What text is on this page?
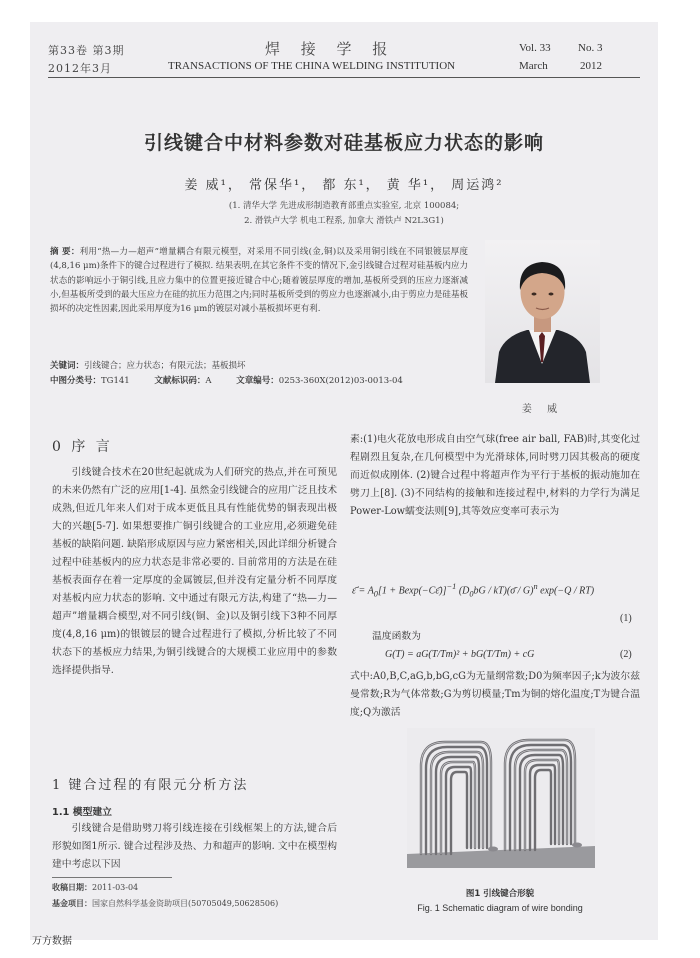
第33卷 第3期
2012年3月
焊 接 学 报
TRANSACTIONS OF THE CHINA WELDING INSTITUTION
Vol. 33 No. 3
March	2012
引线键合中材料参数对硅基板应力状态的影响
姜 威¹， 常保华¹， 都 东¹， 黄 华¹， 周运鸿²
(1. 清华大学 先进成形制造教育部重点实验室, 北京 100084;
2. 滑铁卢大学 机电工程系, 加拿大 滑铁卢 N2L3G1)
摘 要：利用“热—力—超声”增量耦合有限元模型，对采用不同引线(金,铜)以及采用铜引线在不同银镀层厚度(4,8,16 μm)条件下的键合过程进行了模拟. 结果表明,在其它条件不变的情况下,金引线键合过程对硅基板内应力状态的影响远小于铜引线,且应力集中的位置更接近键合中心;随着镀层厚度的增加,基板所受到的压应力逐渐减小,但基板所受到的最大压应力在硅的抗压力范围之内;同时基板所受到的剪应力也逐渐减小,由于剪应力是硅基板损坏的决定性因素,因此采用厚度为16 μm的镀层对减小基板损坏更有利.
关键词：引线键合；应力状态；有限元法；基板损坏
中图分类号：TG141	文献标识码：A	文章编号：0253-360X(2012)03-0013-04
姜 威
0 序 言

引线键合技术在20世纪起就成为人们研究的热点,并在可预见的未来仍然有广泛的应用[1-4]. 虽然金引线键合的应用广泛且技术成熟,但近几年来人们对于成本更低且具有性能优势的铜表现出极大的兴趣[5-7]. 如果想要推广铜引线键合的工业应用,必须避免硅基板的缺陷问题. 缺陷形成原因与应力紧密相关,因此详细分析键合过程中硅基板内的应力状态是非常必要的. 目前常用的方法是在硅基板表面存在着一定厚度的金属镀层,但并没有定量分析不同厚度对基板内应力状态的影响. 文中通过有限元方法,构建了“热—力—超声”增量耦合模型,对不同引线(铜、金)以及铜引线下3种不同厚度(4,8,16 μm)的银镀层的键合过程进行了模拟,分析比较了不同状态下的基板应力结果,为铜引线键合的大规模工业应用中的参数选择提供指导.

1 键合过程的有限元分析方法
1.1 模型建立

引线键合是借助劈刀将引线连接在引线框架上的方法,键合后形貌如图1所示. 键合过程涉及热、力和超声的影响. 文中在模型构建中考虑以下因

收稿日期：2011-03-04
基金项目：国家自然科学基金资助项目(50705049,50628506)
素:(1)电火花放电形成自由空气球(free air ball, FAB)时,其变化过程剧烈且复杂,在几何模型中为光滑球体,同时劈刀因其极高的硬度而近似成刚体. (2)键合过程中将超声作为平行于基板的振动施加在劈刀上[8]. (3)不同结构的接触和连接过程中,材料的力学行为满足Power-Low蠕变法则[9],其等效应变率可表示为
ε̇̄ = $A_0[1$ + Bexp(−Cε̄)]$^{-1}$ ($D_0bG$ / kT)(σ̄ / G)$^n$ exp(−Q / RT)
(1)
温度函数为
G(T) = aG(T/Tm)² + bG(T/Tm) + cG	(2)
式中:A0,B,C,aG,b,bG,cG为无量纲常数;D0为频率因子;k为波尔兹曼常数;R为气体常数;G为剪切模量;Tm为铜的熔化温度;T为键合温度;Q为激活
图1 引线键合形貌
Fig. 1 Schematic diagram of wire bonding
万方数据
